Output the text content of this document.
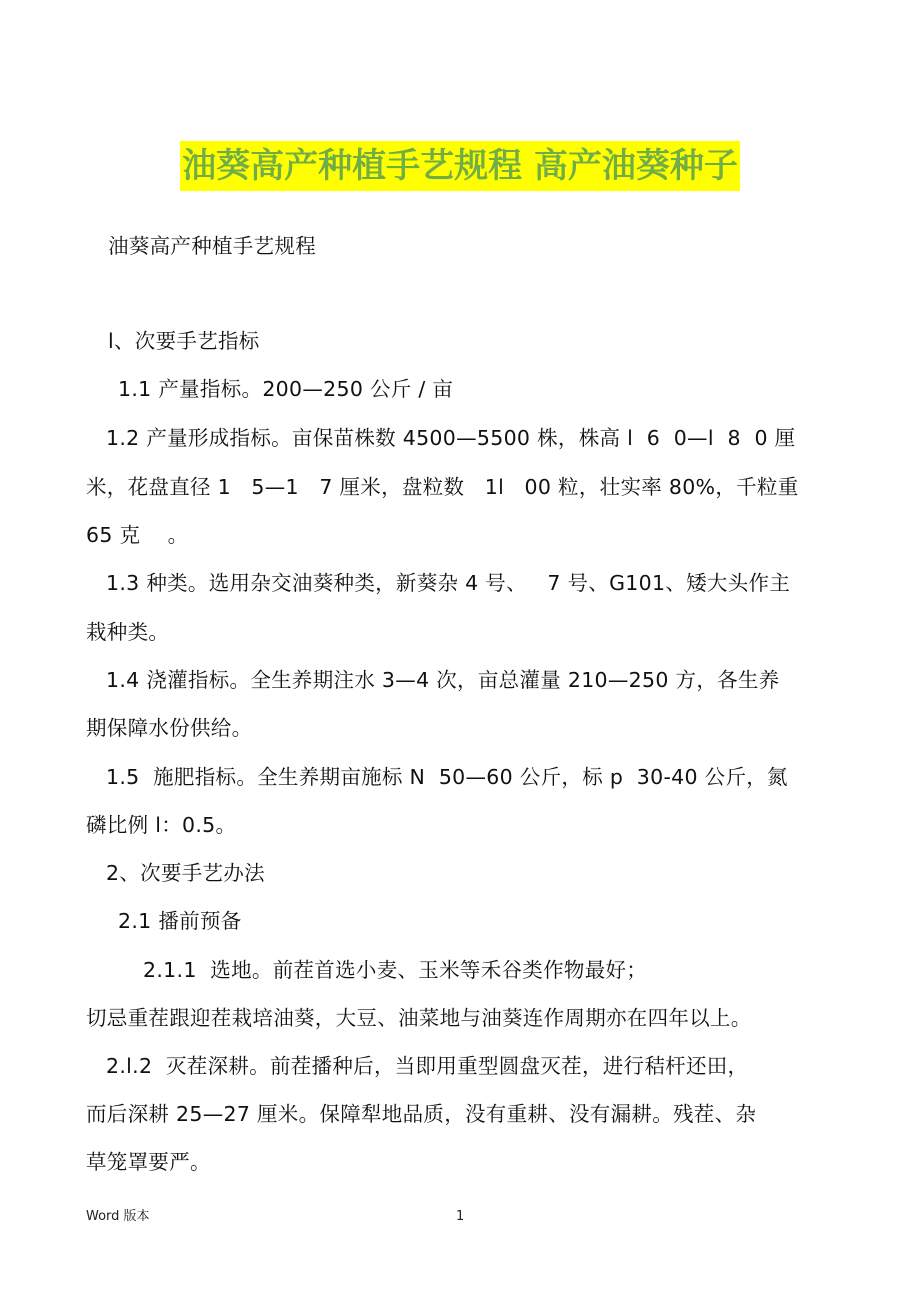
油葵高产种植手艺规程 高产油葵种子
油葵高产种植手艺规程
l、次要手艺指标
1.1 产量指标。200—250 公斤 / 亩
1.2 产量形成指标。亩保苗株数 4500—5500 株，株高 l  6  0—l  8  0 厘
米，花盘直径 1   5—1   7 厘米，盘粒数   1l   00 粒，壮实率 80%，千粒重
65 克    。
1.3 种类。选用杂交油葵种类，新葵杂 4 号、   7 号、G101、矮大头作主
栽种类。
1.4 浇灌指标。全生养期注水 3—4 次，亩总灌量 210—250 方，各生养
期保障水份供给。
1.5  施肥指标。全生养期亩施标 N  50—60 公斤，标 p  30-40 公斤，氮
磷比例 l：0.5。
2、次要手艺办法
2.1 播前预备
2.1.1  选地。前茬首选小麦、玉米等禾谷类作物最好；
切忌重茬跟迎茬栽培油葵，大豆、油菜地与油葵连作周期亦在四年以上。
2.l.2  灭茬深耕。前茬播种后，当即用重型圆盘灭茬，进行秸杆还田，
而后深耕 25—27 厘米。保障犁地品质，没有重耕、没有漏耕。残茬、杂
草笼罩要严。
Word 版本	1
